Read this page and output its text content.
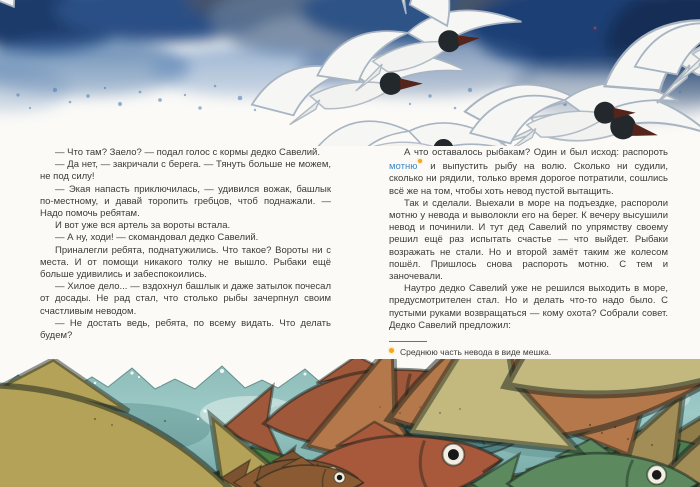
— Что там? Заело? — подал голос с кормы дедко Савелий.

— Да нет, — закричали с берега. — Тянуть больше не можем, не под силу!

— Экая напасть приключилась, — удивился вожак, башлык по-местному, и давай торопить гребцов, чтоб поднажали. — Надо помочь ребятам.

И вот уже вся артель за вороты встала.

— А ну, ходи! — скомандовал дедко Савелий.

Приналегли ребята, поднатужились. Что такое? Вороты ни с места. И от помощи никакого толку не вышло. Рыбаки ещё больше удивились и забеспокоились.

— Хилое дело... — вздохнул башлык и даже затылок почесал от досады. Не рад стал, что столько рыбы зачерпнул своим счастливым неводом.

— Не достать ведь, ребята, по всему видать. Что делать будем?

А что оставалось рыбакам? Один и был исход: распороть мотню и выпустить рыбу на волю. Сколько ни судили, сколько ни рядили, только время дорогое потратили, сошлись всё же на том, чтобы хоть невод пустой вытащить.

Так и сделали. Выехали в море на подъездке, распороли мотню у невода и выволокли его на берег. К вечеру высушили невод и починили. И тут дед Савелий по упрямству своему решил ещё раз испытать счастье — что выйдет. Рыбаки возражать не стали. Но и второй замёт таким же колесом пошёл. Пришлось снова распороть мотню. С тем и заночевали.

Наутро дедко Савелий уже не решился выходить в море, предусмотрителен стал. Но и делать что-то надо было. С пустыми руками возвращаться — кому охота? Собрали совет. Дедко Савелий предложил:

Среднюю часть невода в виде мешка.
